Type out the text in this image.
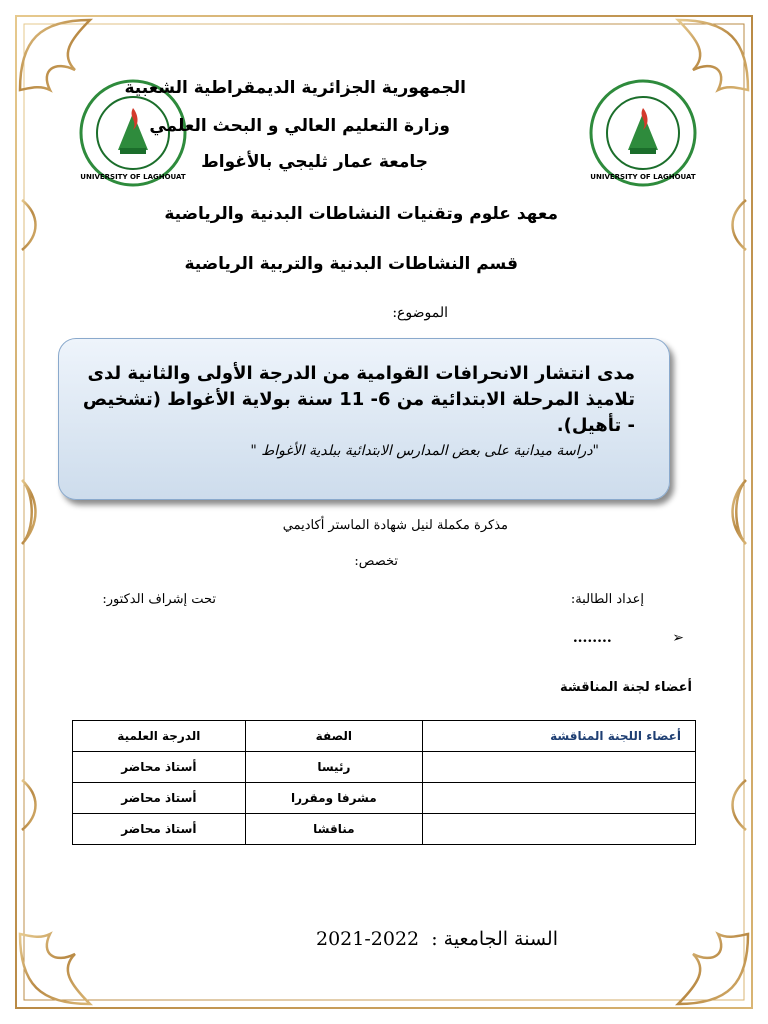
UNIVERSITY OF LAGHOUAT	UNIVERSITY OF LAGHOUAT
الجمهورية الجزائرية الديمقراطية الشعبية
وزارة التعليم العالي و البحث العلمي
جامعة عمار ثليجي بالأغواط
معهد علوم وتقنيات النشاطات البدنية والرياضية
قسم النشاطات البدنية والتربية الرياضية
الموضوع:
مدى انتشار الانحرافات القوامية من الدرجة الأولى والثانية لدى تلاميذ المرحلة الابتدائية من 6- 11 سنة بولاية الأغواط (تشخيص - تأهيل).
"دراسة ميدانية على بعض المدارس الابتدائية ببلدية الأغواط "
مذكرة مكملة لنيل شهادة الماستر أكاديمي
تخصص:
إعداد الطالبة:
تحت إشراف الدكتور:
➢ ........
أعضاء لجنة المناقشة
أعضاء اللجنة المناقشة	الصفة	الدرجة العلمية
	رئيسا	أستاذ محاضر
	مشرفا ومقررا	أستاذ محاضر
	مناقشا	أستاذ محاضر
2021-2022 السنة الجامعية :
